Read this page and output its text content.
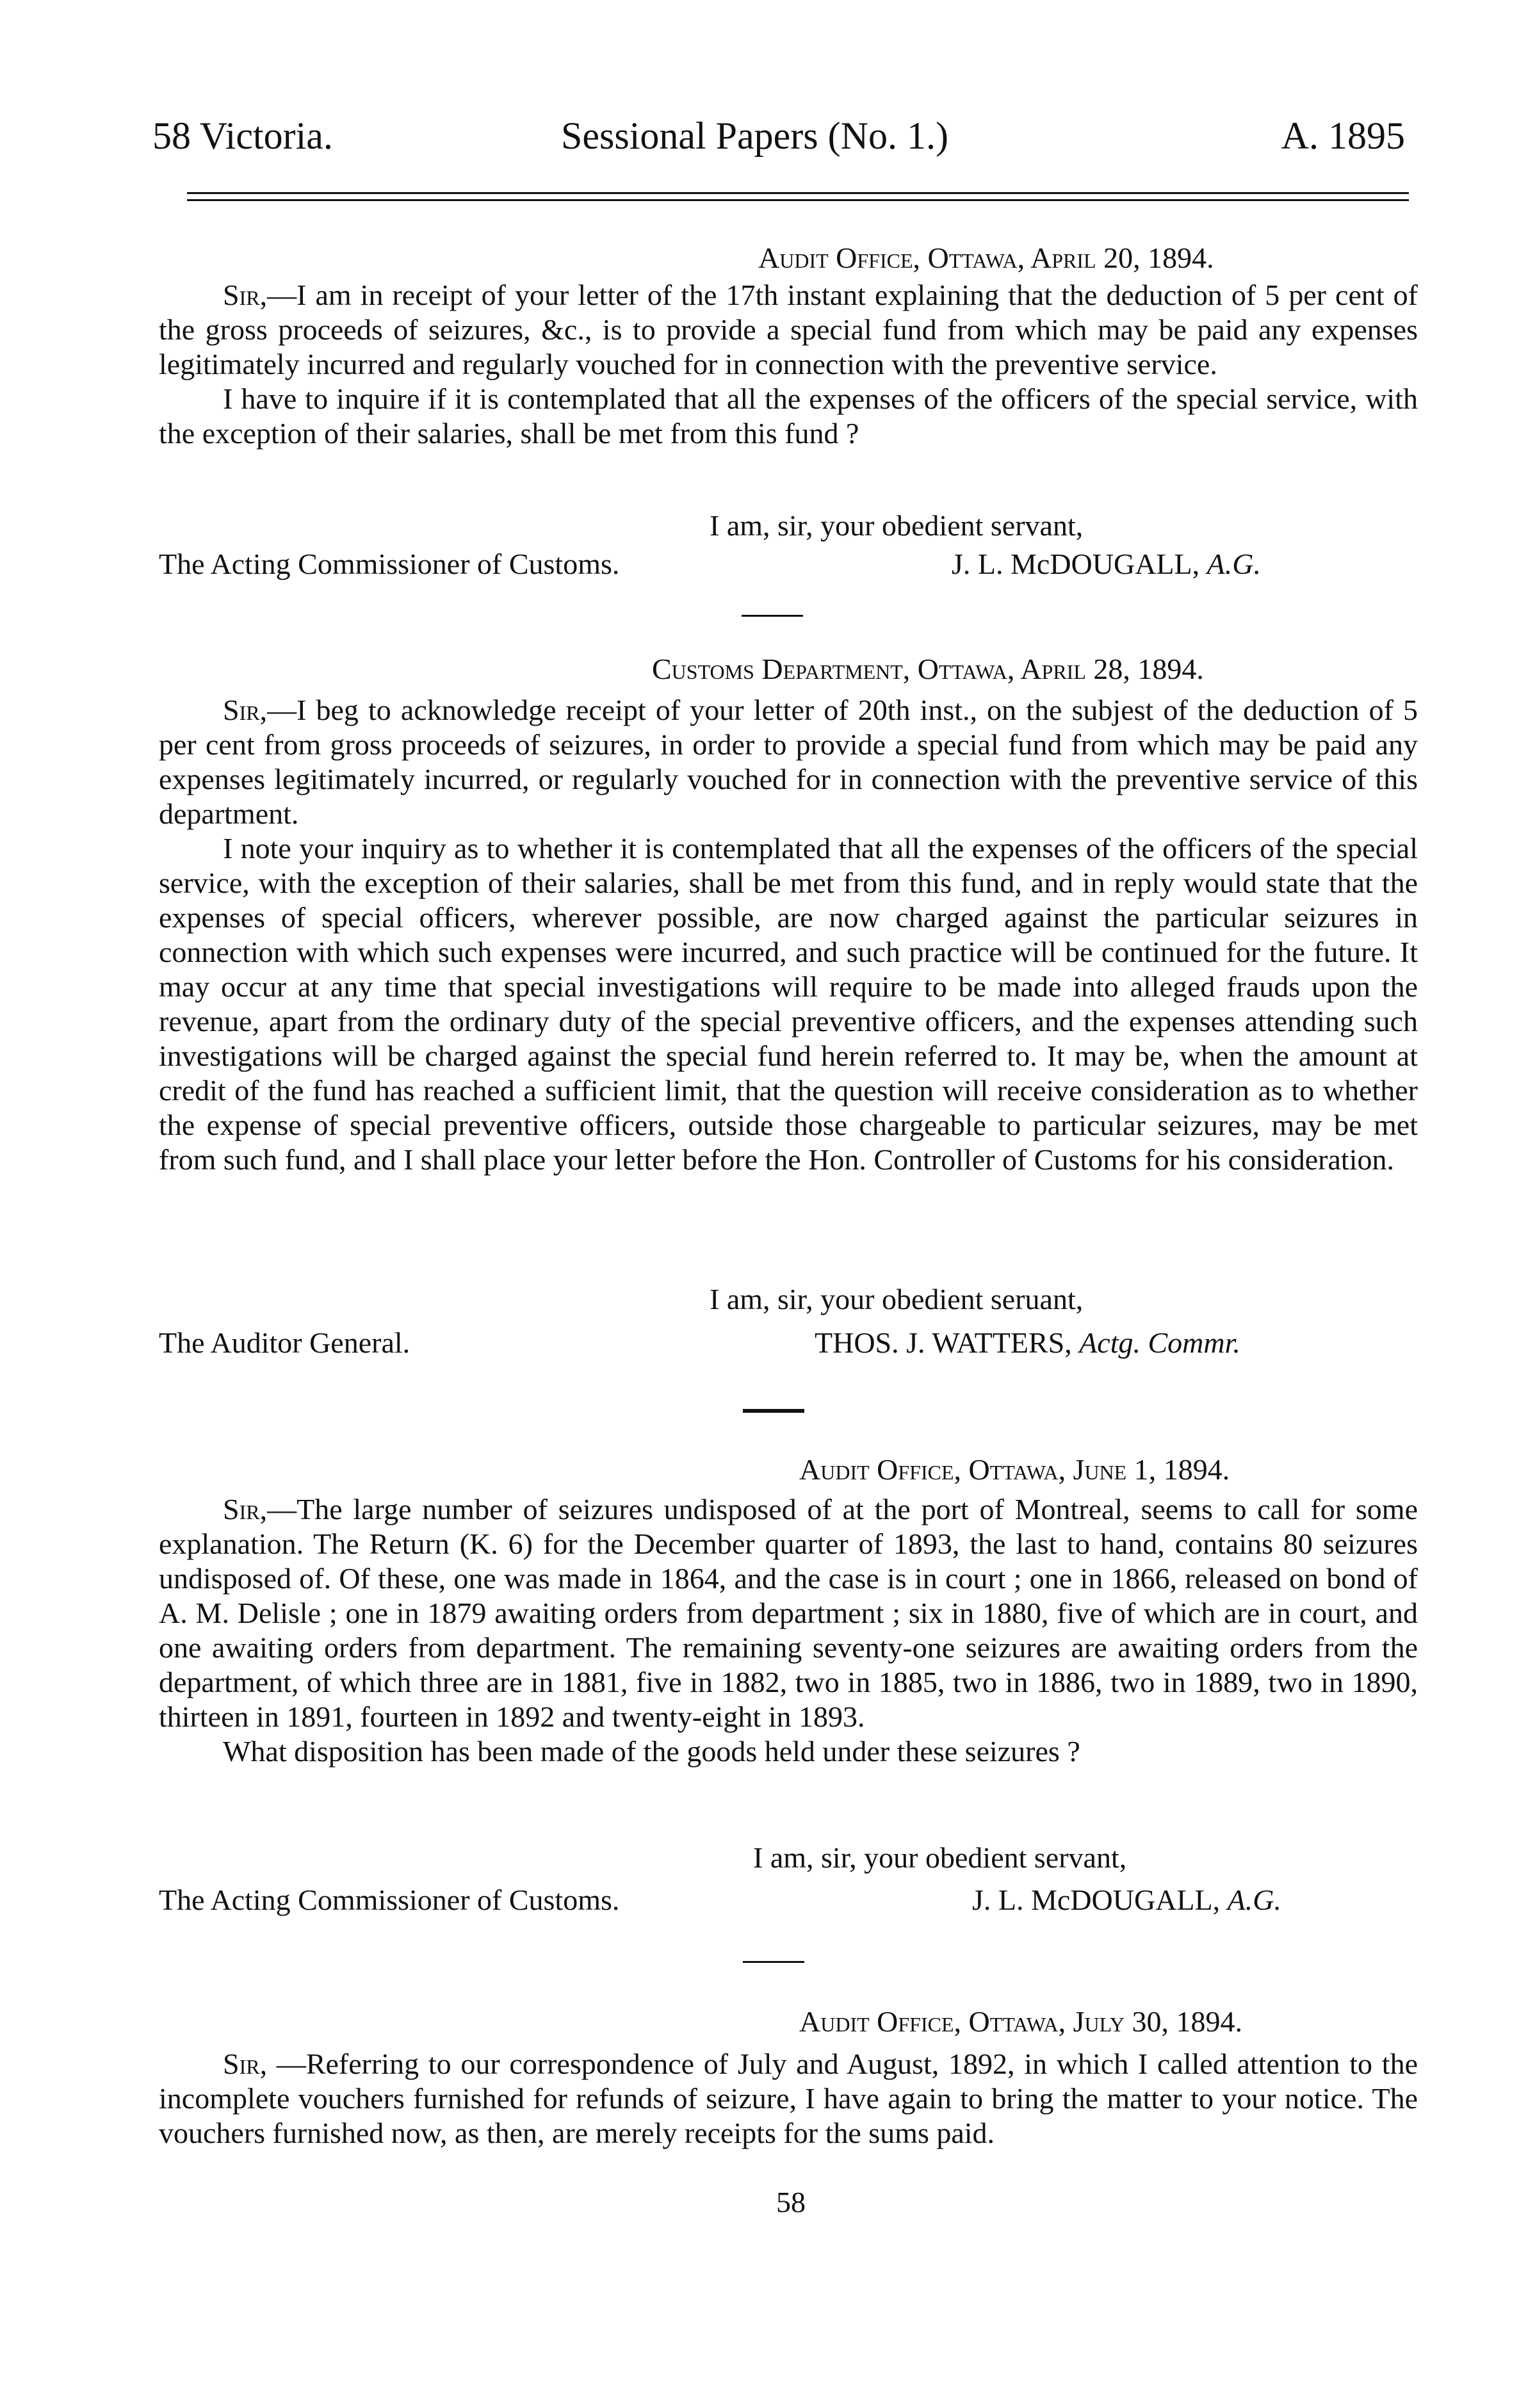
58 Victoria.	Sessional Papers (No. 1.)	A. 1895
Audit Office, Ottawa, April 20, 1894.

Sir,—I am in receipt of your letter of the 17th instant explaining that the deduction of 5 per cent of the gross proceeds of seizures, &c., is to provide a special fund from which may be paid any expenses legitimately incurred and regularly vouched for in connection with the preventive service.

I have to inquire if it is contemplated that all the expenses of the officers of the special service, with the exception of their salaries, shall be met from this fund ?

I am, sir, your obedient servant,
The Acting Commissioner of Customs.	J. L. McDOUGALL, A.G.
Customs Department, Ottawa, April 28, 1894.

Sir,—I beg to acknowledge receipt of your letter of 20th inst., on the subjest of the deduction of 5 per cent from gross proceeds of seizures, in order to provide a special fund from which may be paid any expenses legitimately incurred, or regularly vouched for in connection with the preventive service of this department.

I note your inquiry as to whether it is contemplated that all the expenses of the officers of the special service, with the exception of their salaries, shall be met from this fund, and in reply would state that the expenses of special officers, wherever possible, are now charged against the particular seizures in connection with which such expenses were incurred, and such practice will be continued for the future. It may occur at any time that special investigations will require to be made into alleged frauds upon the revenue, apart from the ordinary duty of the special preventive officers, and the expenses attending such investigations will be charged against the special fund herein referred to. It may be, when the amount at credit of the fund has reached a sufficient limit, that the question will receive consideration as to whether the expense of special preventive officers, outside those chargeable to particular seizures, may be met from such fund, and I shall place your letter before the Hon. Controller of Customs for his consideration.

I am, sir, your obedient seruant,
The Auditor General.	THOS. J. WATTERS, Actg. Commr.
Audit Office, Ottawa, June 1, 1894.

Sir,—The large number of seizures undisposed of at the port of Montreal, seems to call for some explanation. The Return (K. 6) for the December quarter of 1893, the last to hand, contains 80 seizures undisposed of. Of these, one was made in 1864, and the case is in court ; one in 1866, released on bond of A. M. Delisle ; one in 1879 awaiting orders from department ; six in 1880, five of which are in court, and one awaiting orders from department. The remaining seventy-one seizures are awaiting orders from the department, of which three are in 1881, five in 1882, two in 1885, two in 1886, two in 1889, two in 1890, thirteen in 1891, fourteen in 1892 and twenty-eight in 1893.

What disposition has been made of the goods held under these seizures ?

I am, sir, your obedient servant,
The Acting Commissioner of Customs.	J. L. McDOUGALL, A.G.
Audit Office, Ottawa, July 30, 1894.

Sir, —Referring to our correspondence of July and August, 1892, in which I called attention to the incomplete vouchers furnished for refunds of seizure, I have again to bring the matter to your notice. The vouchers furnished now, as then, are merely receipts for the sums paid.

58
